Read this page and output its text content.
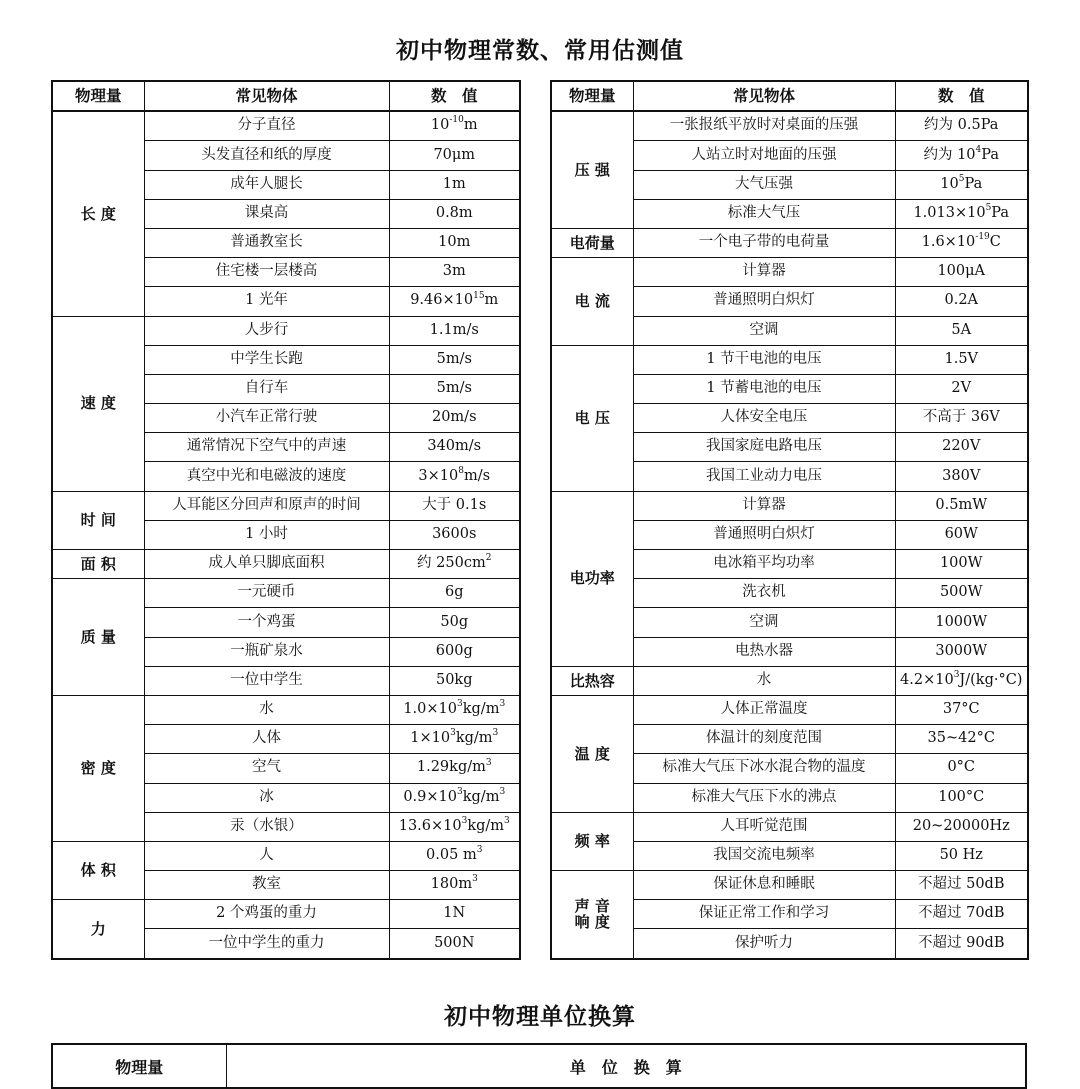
初中物理常数、常用估测值
物理量	常见物体	数　值
长 度	分子直径	$10^{-10}m$
	头发直径和纸的厚度	70μm
	成年人腿长	1m
	课桌高	0.8m
	普通教室长	10m
	住宅楼一层楼高	3m
	1 光年	$9.46\times 10^{15}m$
速 度	人步行	1.1m/s
	中学生长跑	5m/s
	自行车	5m/s
	小汽车正常行驶	20m/s
	通常情况下空气中的声速	340m/s
	真空中光和电磁波的速度	$3\times 10^8m/s$
时 间	人耳能区分回声和原声的时间	大于 0.1s
	1 小时	3600s
面 积	成人单只脚底面积	约 $250cm^2$
质 量	一元硬币	6g
	一个鸡蛋	50g
	一瓶矿泉水	600g
	一位中学生	50kg
密 度	水	$1.0\times 10^3kg/m^3$
	人体	$1\times 10^3kg/m^3$
	空气	$1.29kg/m^3$
	冰	$0.9\times 10^3kg/m^3$
	汞（水银）	$13.6\times 10^3kg/m^3$
体 积	人	0.05 $m^3$
	教室	$180m^3$
力	2 个鸡蛋的重力	1N
	一位中学生的重力	500N
物理量	常见物体	数　值
压 强	一张报纸平放时对桌面的压强	约为 0.5Pa
	人站立时对地面的压强	约为 $10^4Pa$
	大气压强	$10^5Pa$
	标准大气压	$1.013\times 10^5Pa$
电荷量	一个电子带的电荷量	$1.6\times 10^{-19}C$
电 流	计算器	100μA
	普通照明白炽灯	0.2A
	空调	5A
电 压	1 节干电池的电压	1.5V
	1 节蓄电池的电压	2V
	人体安全电压	不高于 36V
	我国家庭电路电压	220V
	我国工业动力电压	380V
电功率	计算器	0.5mW
	普通照明白炽灯	60W
	电冰箱平均功率	100W
	洗衣机	500W
	空调	1000W
	电热水器	3000W
比热容	水	$4.2\times 10^3J/(kg\cdot^\circ C)$
温 度	人体正常温度	37°C
	体温计的刻度范围	35~42°C
	标准大气压下冰水混合物的温度	0°C
	标准大气压下水的沸点	100°C
频 率	人耳听觉范围	20~20000Hz
	我国交流电频率	50 Hz
声 音
响 度	保证休息和睡眠	不超过 50dB
	保证正常工作和学习	不超过 70dB
	保护听力	不超过 90dB
初中物理单位换算
物理量	单　位　换　算
